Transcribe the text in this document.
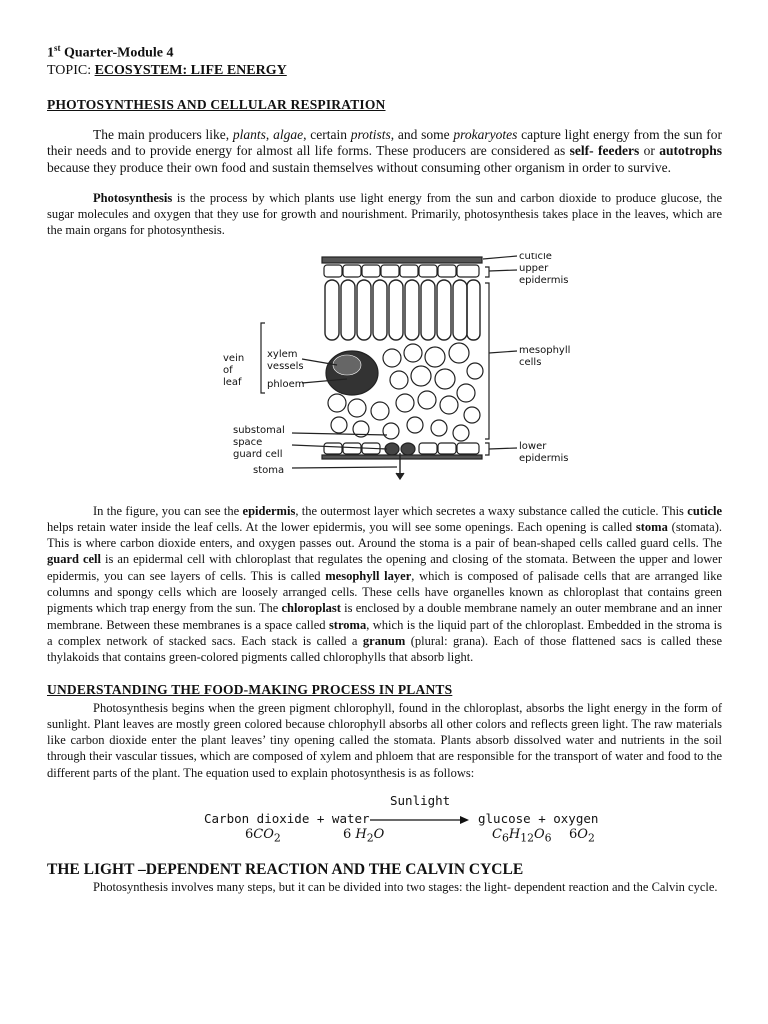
1st Quarter-Module 4
TOPIC: ECOSYSTEM: LIFE ENERGY
PHOTOSYNTHESIS AND CELLULAR RESPIRATION

The main producers like, plants, algae, certain protists, and some prokaryotes capture light energy from the sun for their needs and to provide energy for almost all life forms. These producers are considered as self- feeders or autotrophs because they produce their own food and sustain themselves without consuming other organism in order to survive.

Photosynthesis is the process by which plants use light energy from the sun and carbon dioxide to produce glucose, the sugar molecules and oxygen that they use for growth and nourishment. Primarily, photosynthesis takes place in the leaves, which are the main organs for photosynthesis.

cuticle
upper
epidermis
mesophyll
cells
lower
epidermis
vein
of
leaf
xylem
vessels
phloem
substomal
space
guard cell
stoma

In the figure, you can see the epidermis, the outermost layer which secretes a waxy substance called the cuticle. This cuticle helps retain water inside the leaf cells. At the lower epidermis, you will see some openings. Each opening is called stoma (stomata). This is where carbon dioxide enters, and oxygen passes out. Around the stoma is a pair of bean-shaped cells called guard cells. The guard cell is an epidermal cell with chloroplast that regulates the opening and closing of the stomata. Between the upper and lower epidermis, you can see layers of cells. This is called mesophyll layer, which is composed of palisade cells that are arranged like columns and spongy cells which are loosely arranged cells. These cells have organelles known as chloroplast that contains green pigments which trap energy from the sun. The chloroplast is enclosed by a double membrane namely an outer membrane and an inner membrane. Between these membranes is a space called stroma, which is the liquid part of the chloroplast. Embedded in the stroma is a complex network of stacked sacs. Each stack is called a granum (plural: grana). Each of those flattened sacs is called these thylakoids that contains green-colored pigments called chlorophylls that absorb light.

UNDERSTANDING THE FOOD-MAKING PROCESS IN PLANTS

Photosynthesis begins when the green pigment chlorophyll, found in the chloroplast, absorbs the light energy in the form of sunlight. Plant leaves are mostly green colored because chlorophyll absorbs all other colors and reflects green light. The raw materials like carbon dioxide enter the plant leaves’ tiny opening called the stomata. Plants absorb dissolved water and nutrients in the soil through their vascular tissues, which are composed of xylem and phloem that are responsible for the transport of water and food to the different parts of the plant. The equation used to explain photosynthesis is as follows:

Sunlight
Carbon dioxide + water	glucose + oxygen
$6CO_2$	6 $H_2O$	$C_6H_{12}O_6$ $6O_2$
THE LIGHT –DEPENDENT REACTION AND THE CALVIN CYCLE

Photosynthesis involves many steps, but it can be divided into two stages: the light- dependent reaction and the Calvin cycle.
